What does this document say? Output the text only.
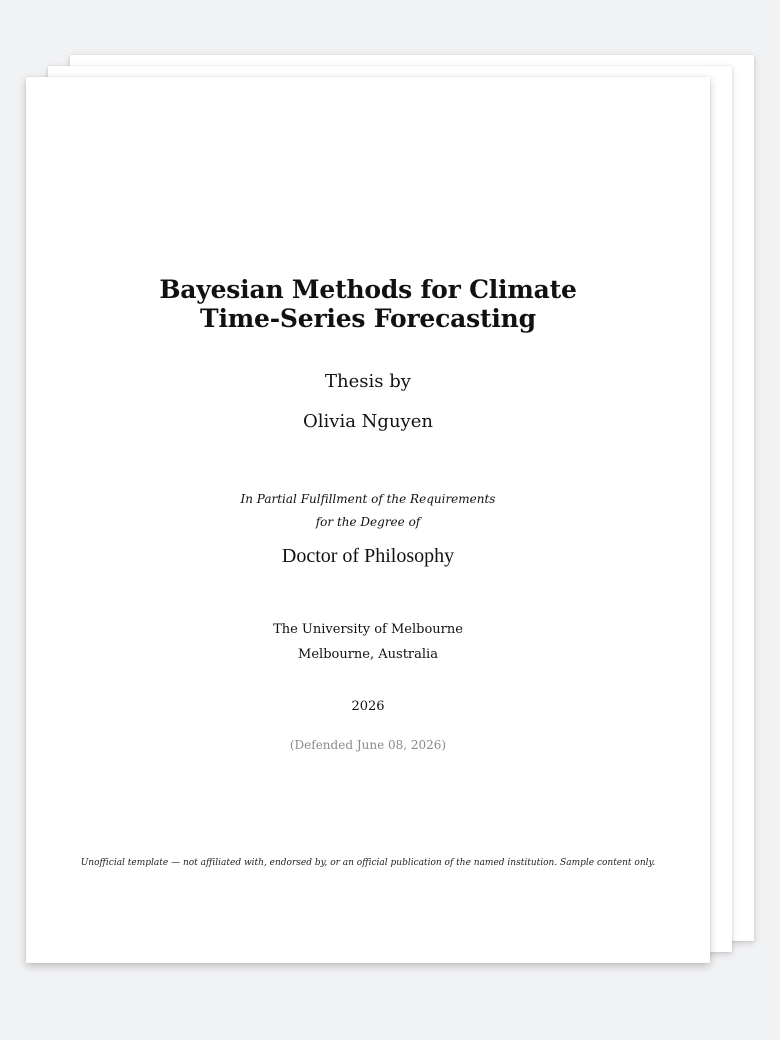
Bayesian Methods for Climate
Time-Series Forecasting
Thesis by
Olivia Nguyen
In Partial Fulfillment of the Requirements
for the Degree of
Doctor of Philosophy
The University of Melbourne
Melbourne, Australia
2026
(Defended June 08, 2026)
Unofficial template — not affiliated with, endorsed by, or an official publication of the named institution. Sample content only.
